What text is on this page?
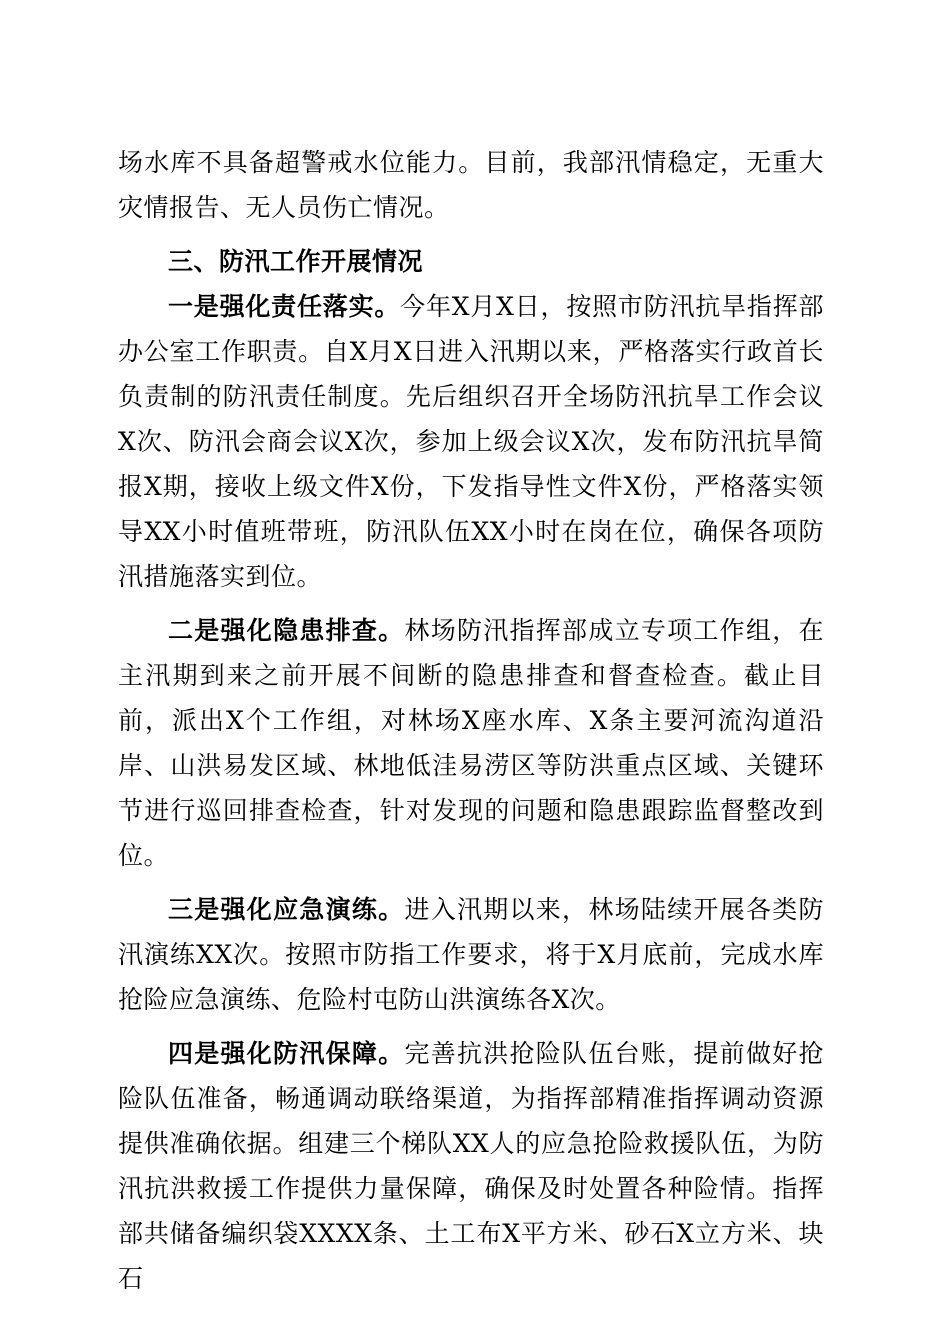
场水库不具备超警戒水位能力。目前，我部汛情稳定，无重大灾情报告、无人员伤亡情况。

三、防汛工作开展情况

一是强化责任落实。今年X月X日，按照市防汛抗旱指挥部办公室工作职责。自X月X日进入汛期以来，严格落实行政首长负责制的防汛责任制度。先后组织召开全场防汛抗旱工作会议X次、防汛会商会议X次，参加上级会议X次，发布防汛抗旱简报X期，接收上级文件X份，下发指导性文件X份，严格落实领导XX小时值班带班，防汛队伍XX小时在岗在位，确保各项防汛措施落实到位。

二是强化隐患排查。林场防汛指挥部成立专项工作组，在主汛期到来之前开展不间断的隐患排查和督查检查。截止目前，派出X个工作组，对林场X座水库、X条主要河流沟道沿岸、山洪易发区域、林地低洼易涝区等防洪重点区域、关键环节进行巡回排查检查，针对发现的问题和隐患跟踪监督整改到位。

三是强化应急演练。进入汛期以来，林场陆续开展各类防汛演练XX次。按照市防指工作要求，将于X月底前，完成水库抢险应急演练、危险村屯防山洪演练各X次。

四是强化防汛保障。完善抗洪抢险队伍台账，提前做好抢险队伍准备，畅通调动联络渠道，为指挥部精准指挥调动资源提供准确依据。组建三个梯队XX人的应急抢险救援队伍，为防汛抗洪救援工作提供力量保障，确保及时处置各种险情。指挥部共储备编织袋XXXX条、土工布X平方米、砂石X立方米、块石
